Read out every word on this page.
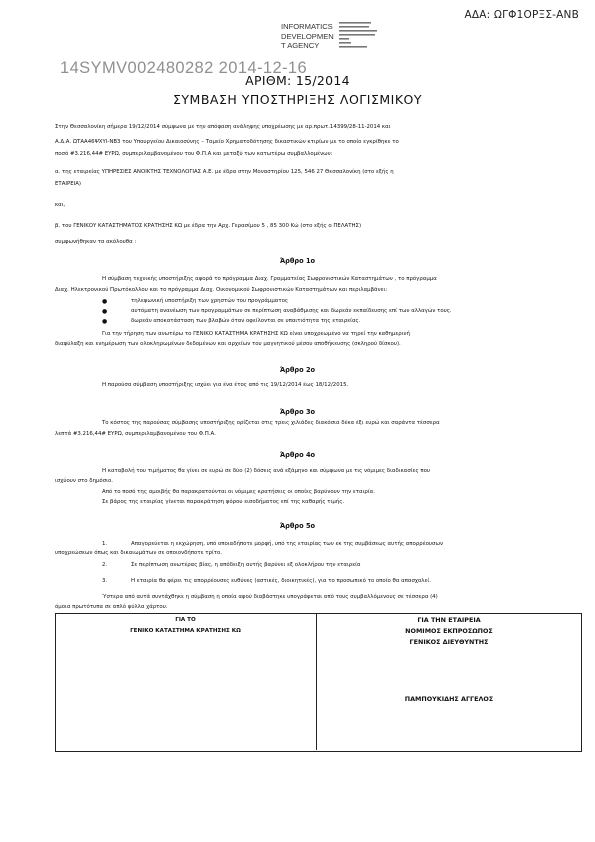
ΑΔΑ: ΩΓΦ1ΟΡΞΣ-ΑΝΒ
INFORMATICS
DEVELOPMEN
T AGENCY
14SYMV002480282 2014-12-16
ΑΡΙΘΜ: 15/2014
ΣΥΜΒΑΣΗ ΥΠΟΣΤΗΡΙΞΗΣ ΛΟΓΙΣΜΙΚΟΥ
Στην Θεσσαλονίκη σήμερα 19/12/2014 σύμφωνα με την απόφαση ανάληψης υποχρέωσης με αρ.πρωτ.14399/28-11-2014 και
Α.Δ.Α. ΩΤΑΑ46ΨΧΥΙ-ΝΒ3 του Υπουργείου Δικαιοσύνης – Ταμείο Χρηματοδότησης δικαστικών κτιρίων με το οποίο εγκρίθηκε το
ποσό #3.216,44# ΕΥΡΩ, συμπεριλαμβανομένου του Φ.Π.Α και μεταξύ των κατωτέρω συμβαλλομένων:
α. της εταιρείας ΥΠΗΡΕΣΙΕΣ ΑΝΟΙΚΤΗΣ ΤΕΧΝΟΛΟΓΙΑΣ Α.Ε. με έδρα στην Μοναστηρίου 125, 546 27 Θεσσαλονίκη (στο εξής η
ΕΤΑΙΡΕΙΑ)
και,
β. του ΓΕΝΙΚΟΥ ΚΑΤΑΣΤΗΜΑΤΟΣ ΚΡΑΤΗΣΗΣ ΚΩ με έδρα την Αρχ. Γερασίμου 5 , 85 300 Κώ (στο εξής ο ΠΕΛΑΤΗΣ)
συμφωνήθηκαν τα ακόλουθα :
Άρθρο 1ο
Η σύμβαση τεχνικής υποστήριξης αφορά το πρόγραμμα Διαχ. Γραμματείας Σωφρονιστικών Καταστημάτων , το πρόγραμμα
Διαχ. Ηλεκτρονικού Πρωτόκολλου και το πρόγραμμα Διαχ. Οικονομικού Σωφρονιστικών Καταστημάτων και περιλαμβάνει:
●	τηλεφωνική υποστήριξη των χρηστών του προγράμματος
●	αυτόματη ανανέωση των προγραμμάτων σε περίπτωση αναβάθμισης και δωρεάν εκπαίδευσης επί των αλλαγών τους.
●	δωρεάν αποκατάσταση των βλαβών όταν οφείλονται σε υπαιτιότητα της εταιρείας.
Για την τήρηση των ανωτέρω το ΓΕΝΙΚΟ ΚΑΤΑΣΤΗΜΑ ΚΡΑΤΗΣΗΣ ΚΩ είναι υποχρεωμένο να τηρεί την καθημερινή
διαφύλαξη και ενημέρωση των ολοκληρωμένων δεδομένων και αρχείων του μαγνητικού μέσου αποθήκευσης (σκληρού δίσκου).
Άρθρο 2ο
Η παρούσα σύμβαση υποστήριξης ισχύει για ένα έτος από τις 19/12/2014 έως 18/12/2015.
Άρθρο 3ο
Το κόστος της παρούσας σύμβασης υποστήριξης ορίζεται στις τρεις χιλιάδες διακόσια δέκα έξι ευρώ και σαράντα τέσσερα
λεπτά #3.216,44# ΕΥΡΩ, συμπεριλαμβανομένου του Φ.Π.Α.
Άρθρο 4ο
Η καταβολή του τιμήματος θα γίνει σε ευρώ σε δύο (2) δόσεις ανά εξάμηνο και σύμφωνα με τις νόμιμες διαδικασίες που
ισχύουν στο δημόσιο.
Από το ποσό της αμοιβής θα παρακρατούνται οι νόμιμες κρατήσεις οι οποίες βαρύνουν την εταιρία.
Σε βάρος της εταιρίας γίνεται παρακράτηση φόρου εισοδήματος επί της καθαρής τιμής.
Άρθρο 5ο
1.	Απαγορεύεται η εκχώρηση, υπό οποιαδήποτε μορφή, υπό της εταιρίας των εκ της συμβάσεως αυτής απορρέουσων
υποχρεώσεων όπως και δικαιωμάτων σε οποιονδήποτε τρίτο.
2.	Σε περίπτωση ανωτέρας βίας, η απόδειξη αυτής βαρύνει εξ ολοκλήρου την εταιρεία
3.	Η εταιρία θα φέρει τις απορρέουσες ευθύνες (αστικές, διοικητικές), για το προσωπικό το οποίο θα απασχολεί.
Ύστερα από αυτά συντάχθηκε η σύμβαση η οποία αφού διαβάστηκε υπογράφεται από τους συμβαλλόμενους σε τέσσερα (4)
όμοια πρωτότυπα σε απλό φύλλα χάρτου.
ΓΙΑ ΤΟ
ΓΕΝΙΚΟ ΚΑΤΑΣΤΗΜΑ ΚΡΑΤΗΣΗΣ ΚΩ
ΓΙΑ ΤΗΝ ΕΤΑΙΡΕΙΑ
ΝΟΜΙΜΟΣ ΕΚΠΡΟΣΩΠΟΣ
ΓΕΝΙΚΟΣ ΔΙΕΥΘΥΝΤΗΣ
ΠΑΜΠΟΥΚΙΔΗΣ ΑΓΓΕΛΟΣ
